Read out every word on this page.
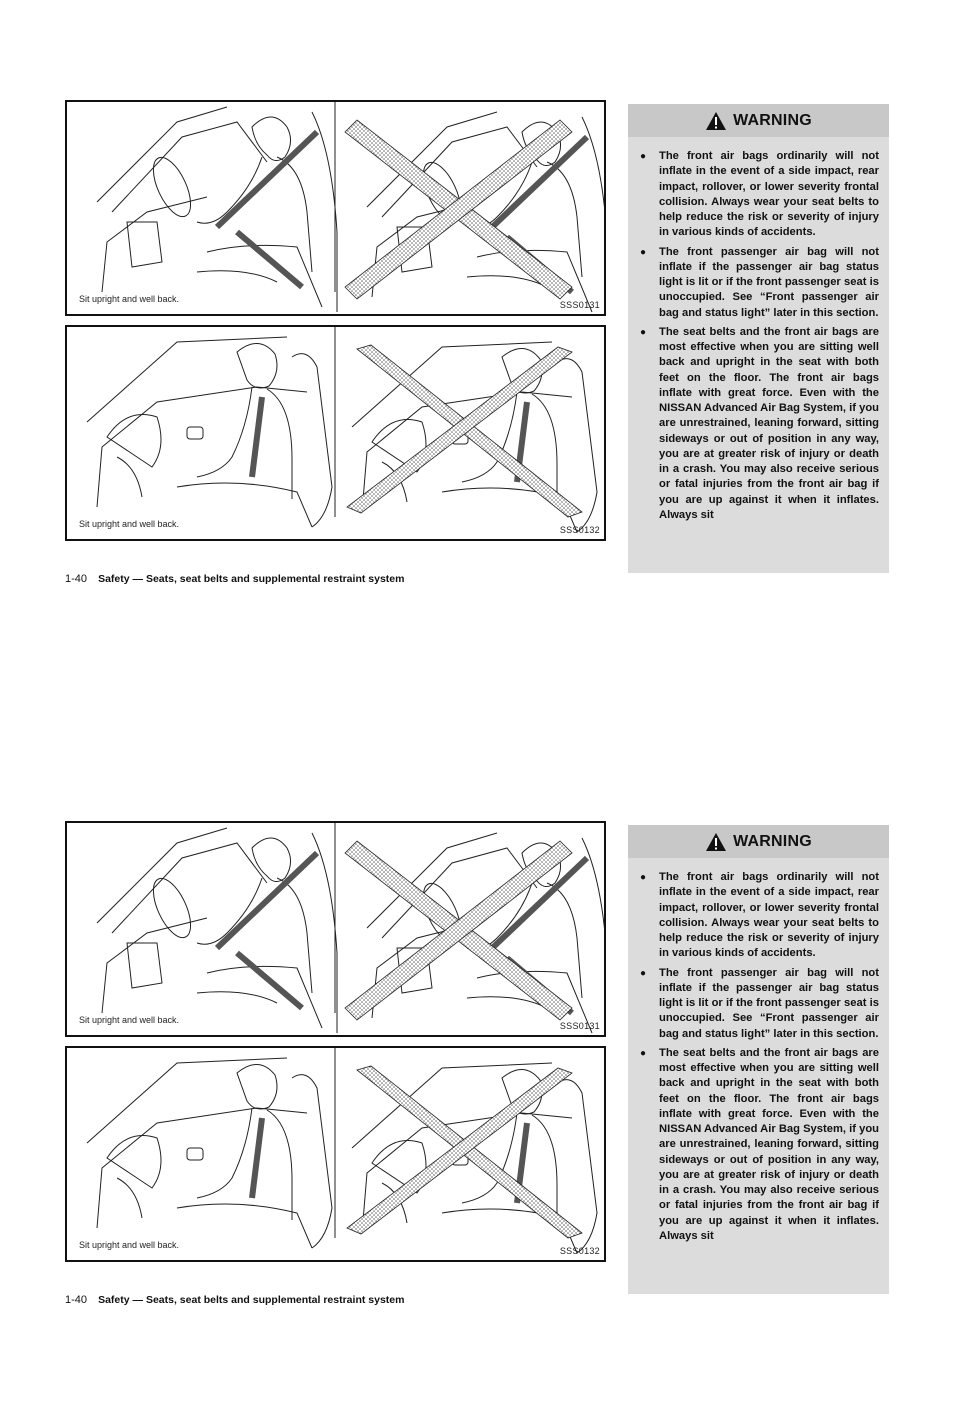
Sit upright and well back.
SSS0131
Sit upright and well back.
SSS0132
WARNING
● The front air bags ordinarily will not inflate in the event of a side impact, rear impact, rollover, or lower severity frontal collision. Always wear your seat belts to help reduce the risk or severity of injury in various kinds of accidents.
● The front passenger air bag will not inflate if the passenger air bag status light is lit or if the front passenger seat is unoccupied. See “Front passenger air bag and status light” later in this section.
● The seat belts and the front air bags are most effective when you are sitting well back and upright in the seat with both feet on the floor. The front air bags inflate with great force. Even with the NISSAN Advanced Air Bag System, if you are unrestrained, leaning forward, sitting sideways or out of position in any way, you are at greater risk of injury or death in a crash. You may also receive serious or fatal injuries from the front air bag if you are up against it when it inflates. Always sit
1-40 Safety — Seats, seat belts and supplemental restraint system
Sit upright and well back.
SSS0131
Sit upright and well back.
SSS0132
WARNING
● The front air bags ordinarily will not inflate in the event of a side impact, rear impact, rollover, or lower severity frontal collision. Always wear your seat belts to help reduce the risk or severity of injury in various kinds of accidents.
● The front passenger air bag will not inflate if the passenger air bag status light is lit or if the front passenger seat is unoccupied. See “Front passenger air bag and status light” later in this section.
● The seat belts and the front air bags are most effective when you are sitting well back and upright in the seat with both feet on the floor. The front air bags inflate with great force. Even with the NISSAN Advanced Air Bag System, if you are unrestrained, leaning forward, sitting sideways or out of position in any way, you are at greater risk of injury or death in a crash. You may also receive serious or fatal injuries from the front air bag if you are up against it when it inflates. Always sit
1-40 Safety — Seats, seat belts and supplemental restraint system
